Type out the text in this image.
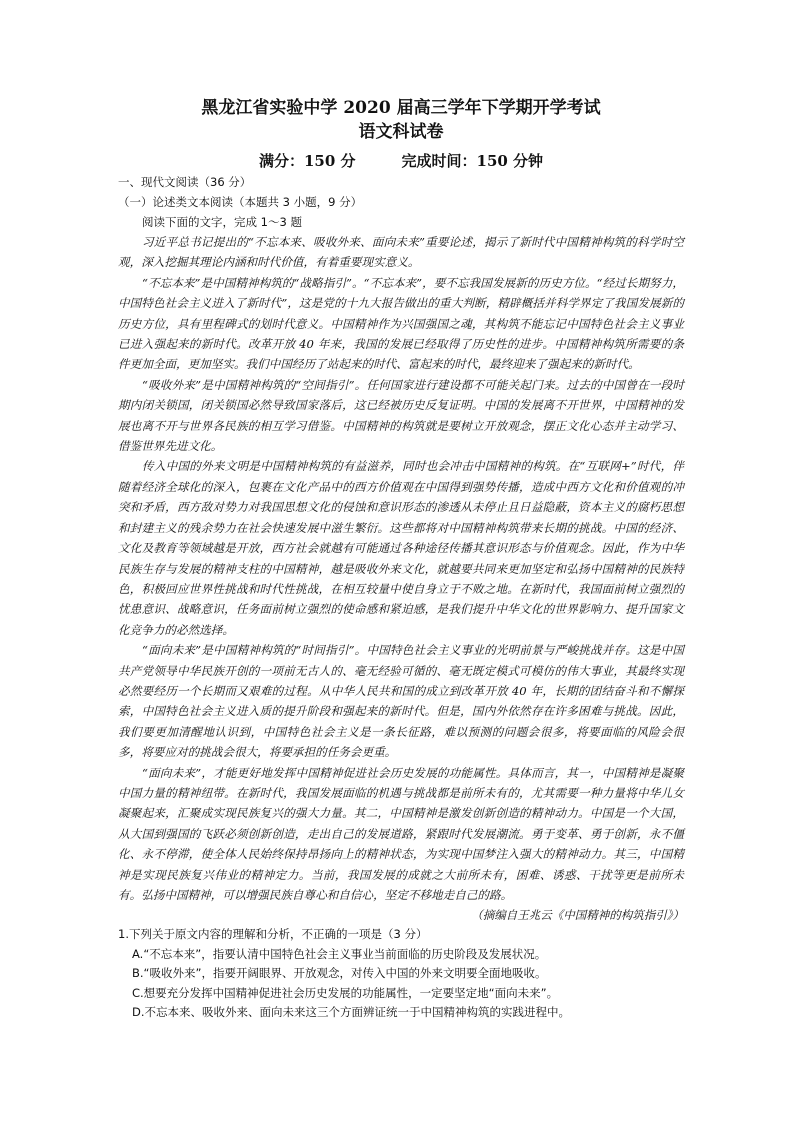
黑龙江省实验中学 2020 届高三学年下学期开学考试
语文科试卷

满分：150 分	完成时间：150 分钟

一、现代文阅读（36 分）

（一）论述类文本阅读（本题共 3 小题，9 分）

阅读下面的文字，完成 1～3 题

习近平总书记提出的“不忘本来、吸收外来、面向未来”重要论述，揭示了新时代中国精神构筑的科学时空观，深入挖掘其理论内涵和时代价值，有着重要现实意义。

“不忘本来”是中国精神构筑的“战略指引”。“不忘本来”，要不忘我国发展新的历史方位。“经过长期努力，中国特色社会主义进入了新时代”，这是党的十九大报告做出的重大判断，精辟概括并科学界定了我国发展新的历史方位，具有里程碑式的划时代意义。中国精神作为兴国强国之魂，其构筑不能忘记中国特色社会主义事业已进入强起来的新时代。改革开放 40 年来，我国的发展已经取得了历史性的进步。中国精神构筑所需要的条件更加全面，更加坚实。我们中国经历了站起来的时代、富起来的时代，最终迎来了强起来的新时代。

“吸收外来”是中国精神构筑的“空间指引”。任何国家进行建设都不可能关起门来。过去的中国曾在一段时期内闭关锁国，闭关锁国必然导致国家落后，这已经被历史反复证明。中国的发展离不开世界，中国精神的发展也离不开与世界各民族的相互学习借鉴。中国精神的构筑就是要树立开放观念，摆正文化心态并主动学习、借鉴世界先进文化。

传入中国的外来文明是中国精神构筑的有益滋养，同时也会冲击中国精神的构筑。在“互联网+”时代，伴随着经济全球化的深入，包裹在文化产品中的西方价值观在中国得到强势传播，造成中西方文化和价值观的冲突和矛盾，西方敌对势力对我国思想文化的侵蚀和意识形态的渗透从未停止且日益隐蔽，资本主义的腐朽思想和封建主义的残余势力在社会快速发展中滋生繁衍。这些都将对中国精神构筑带来长期的挑战。中国的经济、文化及教育等领域越是开放，西方社会就越有可能通过各种途径传播其意识形态与价值观念。因此，作为中华民族生存与发展的精神支柱的中国精神，越是吸收外来文化，就越要共同来更加坚定和弘扬中国精神的民族特色，积极回应世界性挑战和时代性挑战，在相互较量中使自身立于不败之地。在新时代，我国面前树立强烈的忧患意识、战略意识，任务面前树立强烈的使命感和紧迫感，是我们提升中华文化的世界影响力、提升国家文化竞争力的必然选择。

“面向未来”是中国精神构筑的“时间指引”。中国特色社会主义事业的光明前景与严峻挑战并存。这是中国共产党领导中华民族开创的一项前无古人的、毫无经验可循的、毫无既定模式可模仿的伟大事业，其最终实现必然要经历一个长期而又艰难的过程。从中华人民共和国的成立到改革开放 40 年，长期的团结奋斗和不懈探索，中国特色社会主义进入质的提升阶段和强起来的新时代。但是，国内外依然存在许多困难与挑战。因此，我们要更加清醒地认识到，中国特色社会主义是一条长征路，难以预测的问题会很多，将要面临的风险会很多，将要应对的挑战会很大，将要承担的任务会更重。

“面向未来”，才能更好地发挥中国精神促进社会历史发展的功能属性。具体而言，其一，中国精神是凝聚中国力量的精神纽带。在新时代，我国发展面临的机遇与挑战都是前所未有的，尤其需要一种力量将中华儿女凝聚起来，汇聚成实现民族复兴的强大力量。其二，中国精神是激发创新创造的精神动力。中国是一个大国，从大国到强国的飞跃必须创新创造，走出自己的发展道路，紧跟时代发展潮流。勇于变革、勇于创新，永不僵化、永不停滞，使全体人民始终保持昂扬向上的精神状态，为实现中国梦注入强大的精神动力。其三，中国精神是实现民族复兴伟业的精神定力。当前，我国发展的成就之大前所未有，困难、诱惑、干扰等更是前所未有。弘扬中国精神，可以增强民族自尊心和自信心，坚定不移地走自己的路。

（摘编自王兆云《中国精神的构筑指引》）

1.下列关于原文内容的理解和分析，不正确的一项是（3 分）

A.“不忘本来”，指要认清中国特色社会主义事业当前面临的历史阶段及发展状况。

B.“吸收外来”，指要开阔眼界、开放观念，对传入中国的外来文明要全面地吸收。

C.想要充分发挥中国精神促进社会历史发展的功能属性，一定要坚定地“面向未来”。

D.不忘本来、吸收外来、面向未来这三个方面辨证统一于中国精神构筑的实践进程中。
